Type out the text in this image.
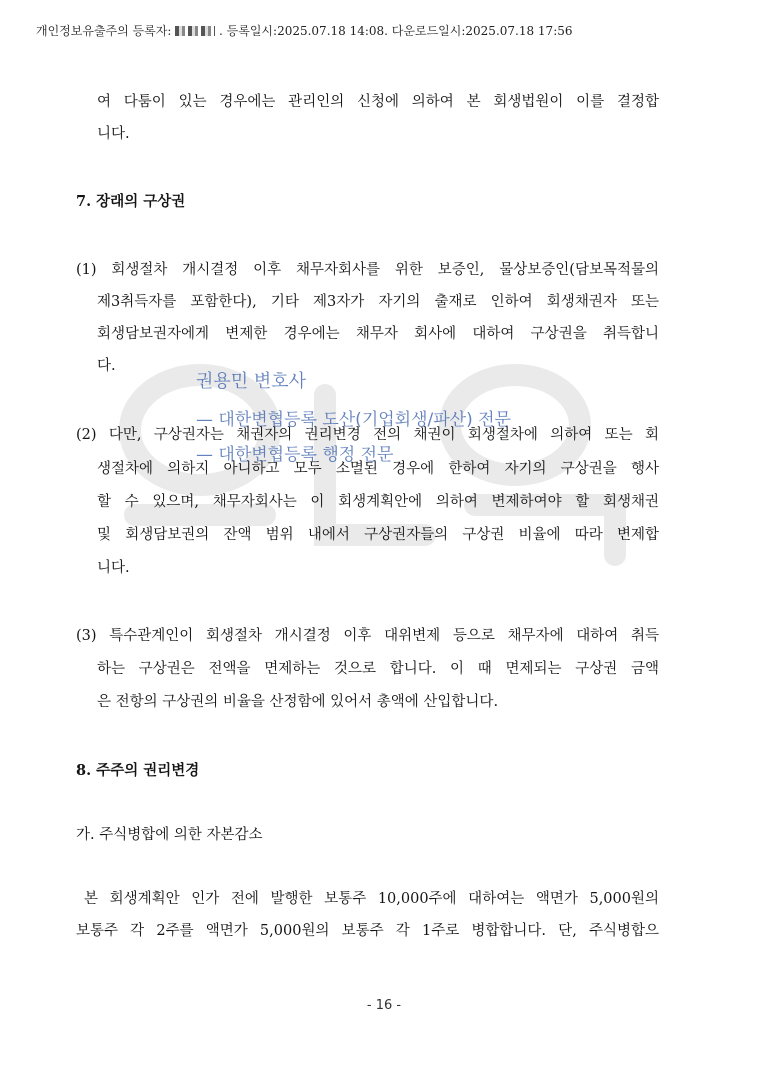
개인정보유출주의 등록자:	. 등록일시:2025.07.18 14:08. 다운로드일시:2025.07.18 17:56
여 다툼이 있는 경우에는 관리인의 신청에 의하여 본 회생법원이 이를 결정합
니다.
7. 장래의 구상권
(1) 회생절차 개시결정 이후 채무자회사를 위한 보증인, 물상보증인(담보목적물의
제3취득자를 포함한다), 기타 제3자가 자기의 출재로 인하여 회생채권자 또는
회생담보권자에게 변제한 경우에는 채무자 회사에 대하여 구상권을 취득합니
다.
(2) 다만, 구상권자는 채권자의 권리변경 전의 채권이 회생절차에 의하여 또는 회
생절차에 의하지 아니하고 모두 소멸된 경우에 한하여 자기의 구상권을 행사
할 수 있으며, 채무자회사는 이 회생계획안에 의하여 변제하여야 할 회생채권
및 회생담보권의 잔액 범위 내에서 구상권자들의 구상권 비율에 따라 변제합
니다.
(3) 특수관계인이 회생절차 개시결정 이후 대위변제 등으로 채무자에 대하여 취득
하는 구상권은 전액을 면제하는 것으로 합니다. 이 때 면제되는 구상권 금액
은 전항의 구상권의 비율을 산정함에 있어서 총액에 산입합니다.
8. 주주의 권리변경
가. 주식병합에 의한 자본감소
본 회생계획안 인가 전에 발행한 보통주 10,000주에 대하여는 액면가 5,000원의
보통주 각 2주를 액면가 5,000원의 보통주 각 1주로 병합합니다. 단, 주식병합으
권용민 변호사
— 대한변협등록 도산(기업회생/파산) 전문
— 대한변협등록 행정 전문
- 16 -
